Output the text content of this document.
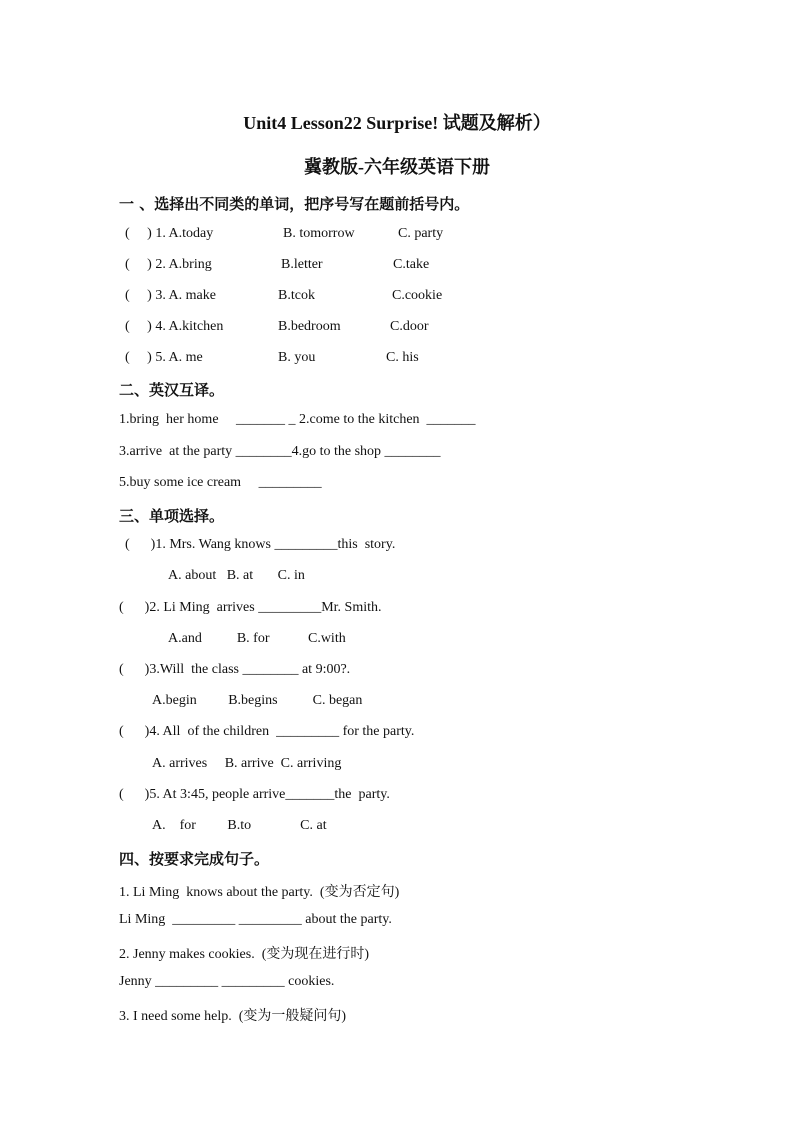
Unit4 Lesson22 Surprise! 试题及解析）
冀教版-六年级英语下册
一 、选择出不同类的单词，把序号写在题前括号内。
(     ) 1. A.today	B. tomorrow	C. party
(     ) 2. A.bring	B.letter	C.take
(     ) 3. A. make	B.tcok	C.cookie
(     ) 4. A.kitchen	B.bedroom	C.door
(     ) 5. A. me	B. you	C. his
二、英汉互译。
1.bring  her home     _______ _ 2.come to the kitchen  _______
3.arrive  at the party ________4.go to the shop ________
5.buy some ice cream     _________
三、单项选择。
(      )1. Mrs. Wang knows _________this  story.
A. about   B. at       C. in
(      )2. Li Ming  arrives _________Mr. Smith.
A.and          B. for           C.with
(      )3.Will  the class ________ at 9:00?.
A.begin         B.begins          C. began
(      )4. All  of the children  _________ for the party.
A. arrives     B. arrive  C. arriving
(      )5. At 3:45, people arrive_______the  party.
A.    for         B.to              C. at
四、按要求完成句子。
1. Li Ming  knows about the party.  (变为否定句)
Li Ming  _________ _________ about the party.
2. Jenny makes cookies.  (变为现在进行时)
Jenny _________ _________ cookies.
3. I need some help.  (变为一般疑问句)
